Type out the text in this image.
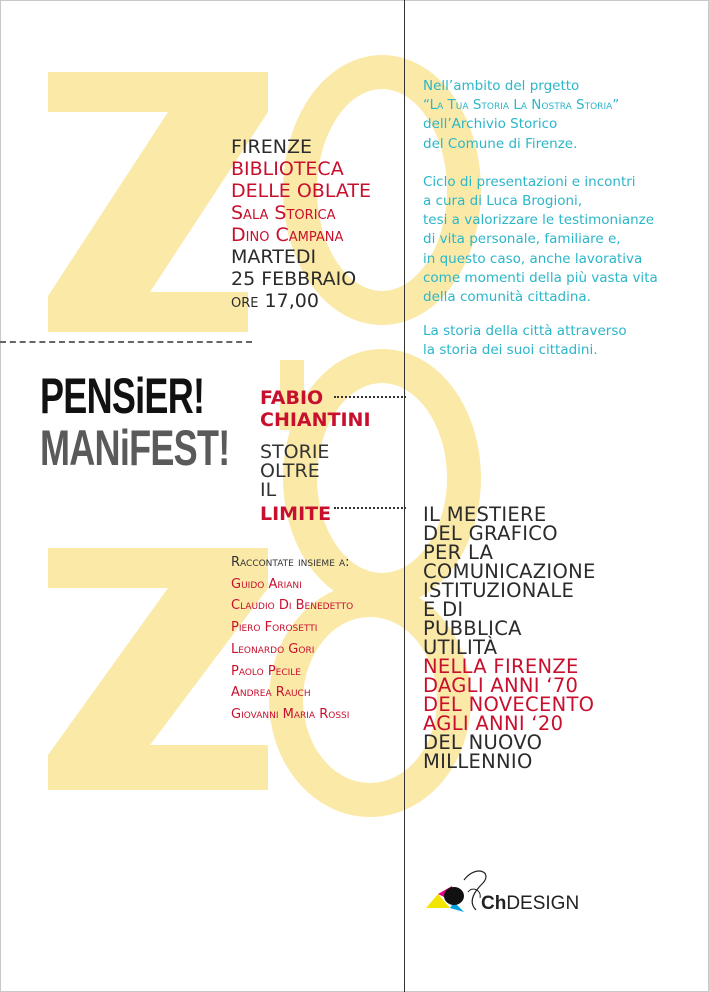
FIRENZE
BIBLIOTECA
DELLE OBLATE
Sala Storica
Dino Campana
MARTEDI
25 FEBBRAIO
ore 17,00
PENSiER!
MANiFEST!
FABIO
CHIANTINI
STORIE
OLTRE
IL
LIMITE
Raccontate insieme a:
Guido Ariani
Claudio Di Benedetto
Piero Forosetti
Leonardo Gori
Paolo Pecile
Andrea Rauch
Giovanni Maria Rossi
Nell’ambito del prgetto
“La Tua Storia La Nostra Storia”
dell’Archivio Storico
del Comune di Firenze.
Ciclo di presentazioni e incontri
a cura di Luca Brogioni,
tesi a valorizzare le testimonianze
di vita personale, familiare e,
in questo caso, anche lavorativa
come momenti della più vasta vita
della comunità cittadina.
La storia della città attraverso
la storia dei suoi cittadini.
IL MESTIERE
DEL GRAFICO
PER LA
COMUNICAZIONE
ISTITUZIONALE
E DI
PUBBLICA
UTILITÀ
NELLA FIRENZE
DAGLI ANNI ‘70
DEL NOVECENTO
AGLI ANNI ‘20
DEL NUOVO
MILLENNIO
ChDESIGN
